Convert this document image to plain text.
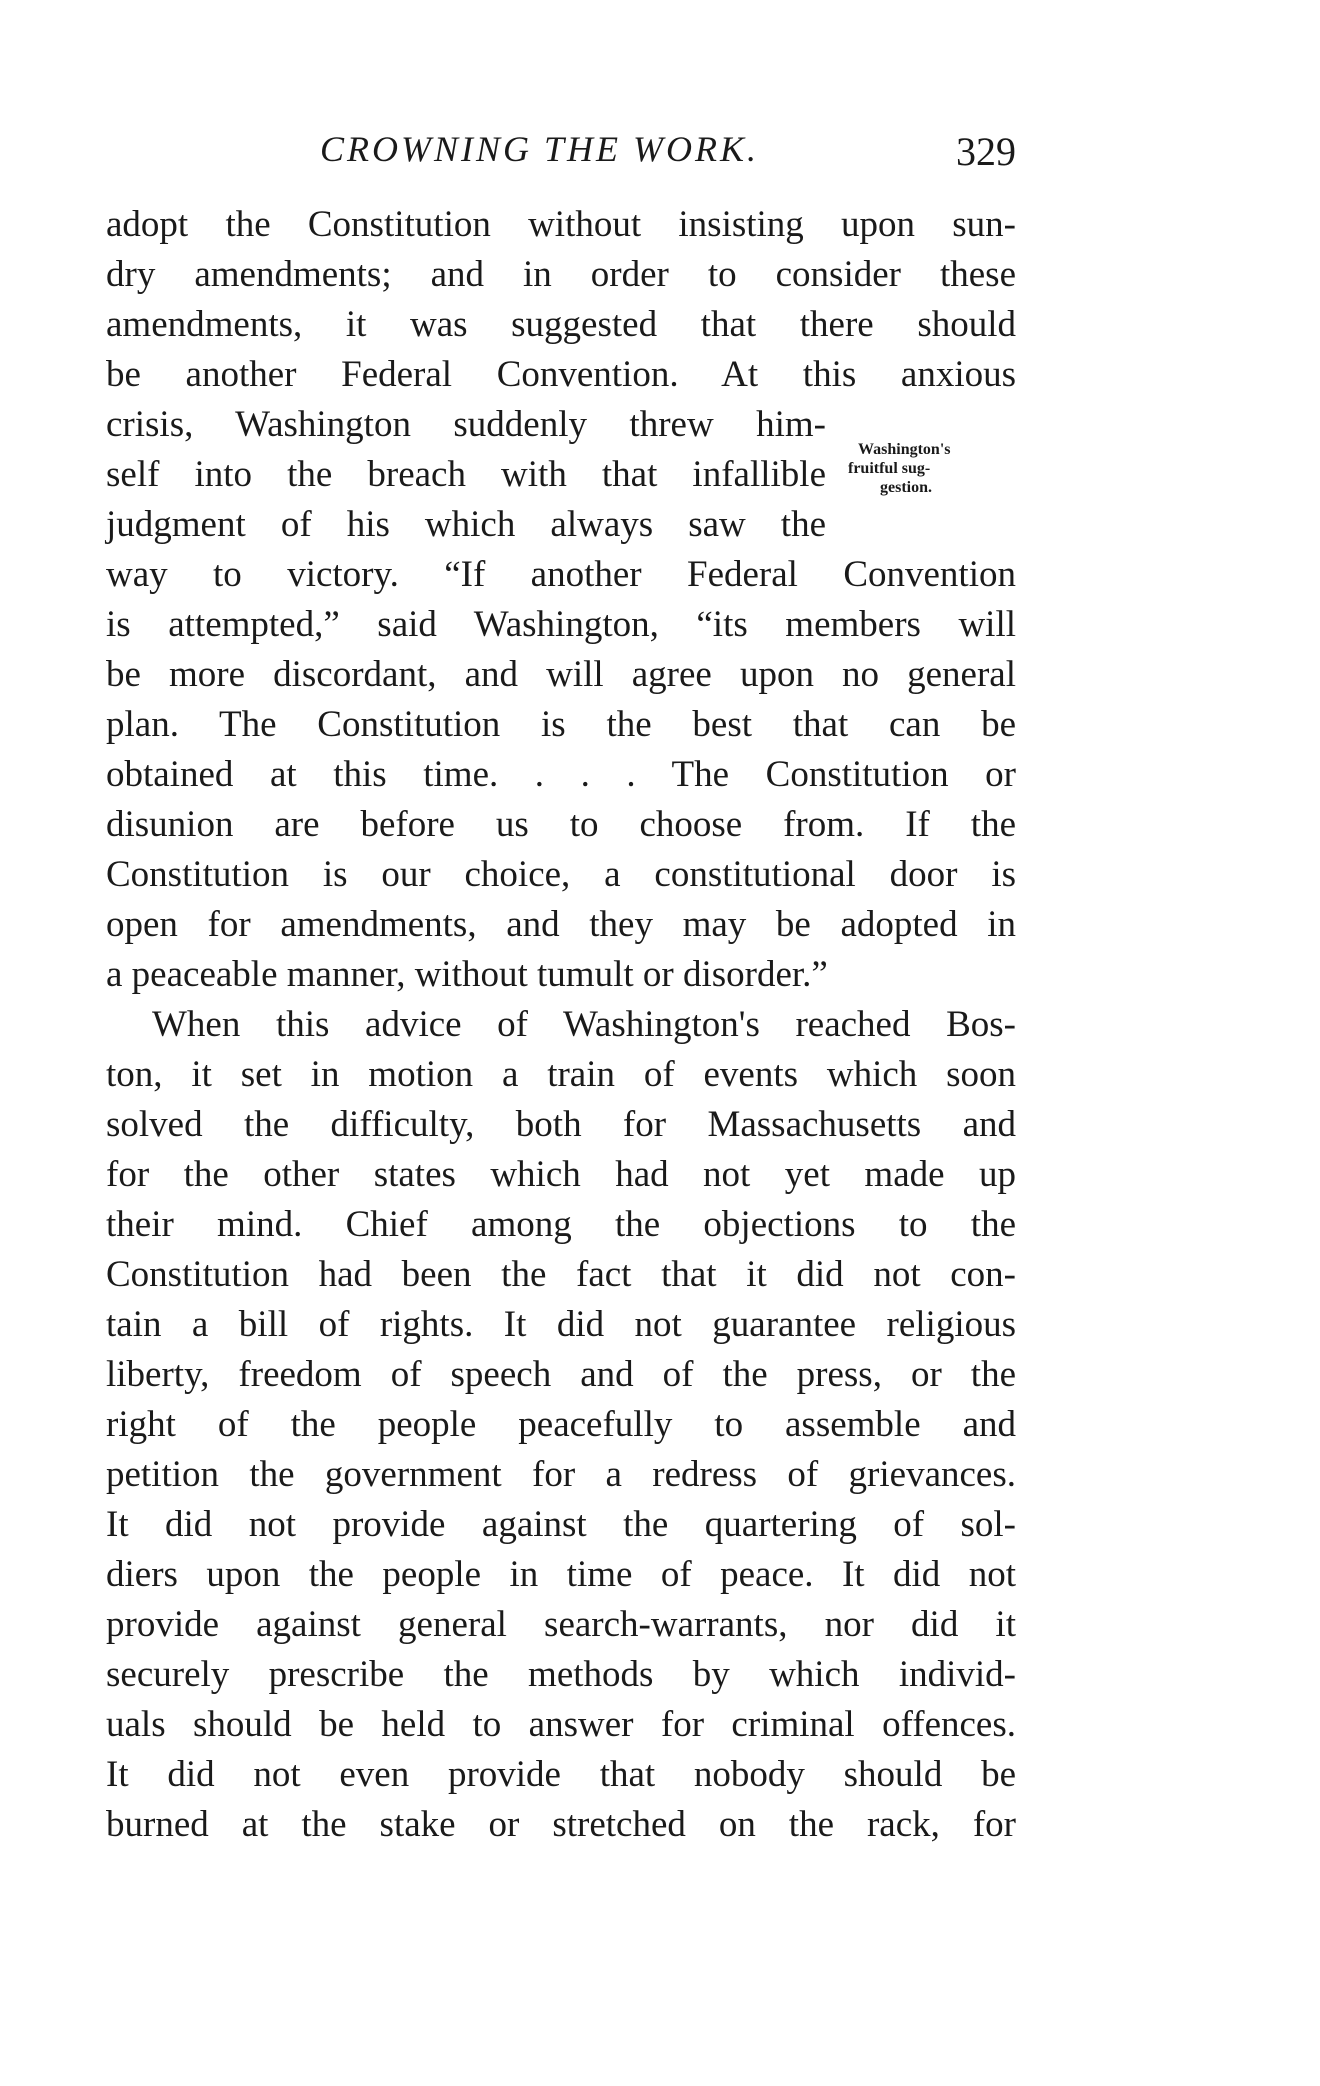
CROWNING THE WORK.	329
Washington's
fruitful sug-
gestion.
adopt the Constitution without insisting upon sun-
dry amendments; and in order to consider these
amendments, it was suggested that there should
be another Federal Convention. At this anxious
crisis, Washington suddenly threw him-
self into the breach with that infallible
judgment of his which always saw the
way to victory. “If another Federal Convention
is attempted,” said Washington, “its members will
be more discordant, and will agree upon no general
plan. The Constitution is the best that can be
obtained at this time. . . . The Constitution or
disunion are before us to choose from. If the
Constitution is our choice, a constitutional door is
open for amendments, and they may be adopted in
a peaceable manner, without tumult or disorder.”
When this advice of Washington's reached Bos-
ton, it set in motion a train of events which soon
solved the difficulty, both for Massachusetts and
for the other states which had not yet made up
their mind. Chief among the objections to the
Constitution had been the fact that it did not con-
tain a bill of rights. It did not guarantee religious
liberty, freedom of speech and of the press, or the
right of the people peacefully to assemble and
petition the government for a redress of grievances.
It did not provide against the quartering of sol-
diers upon the people in time of peace. It did not
provide against general search-warrants, nor did it
securely prescribe the methods by which individ-
uals should be held to answer for criminal offences.
It did not even provide that nobody should be
burned at the stake or stretched on the rack, for
